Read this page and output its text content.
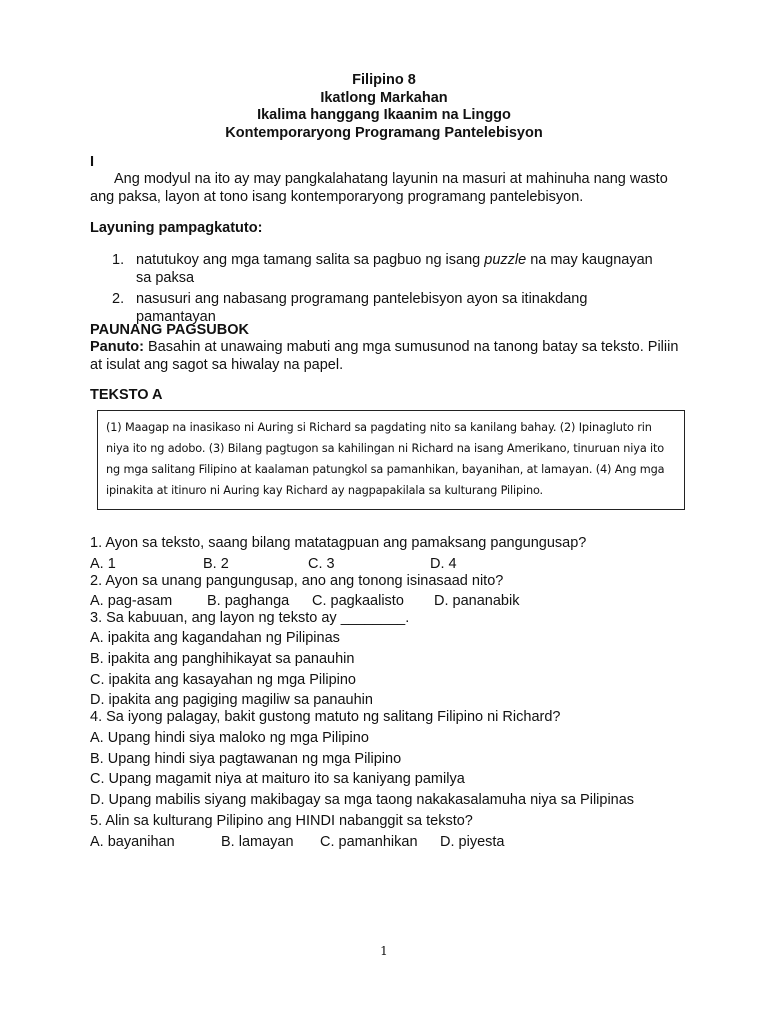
Filipino 8
Ikatlong Markahan
Ikalima hanggang Ikaanim na Linggo
Kontemporaryong Programang Pantelebisyon
I
Ang modyul na ito ay may pangkalahatang layunin na masuri at mahinuha nang wasto ang paksa, layon at tono isang kontemporaryong programang pantelebisyon.
Layuning pampagkatuto:
1. natutukoy ang mga tamang salita sa pagbuo ng isang puzzle na may kaugnayan sa paksa
2. nasusuri ang nabasang programang pantelebisyon ayon sa itinakdang pamantayan
PAUNANG PAGSUBOK
Panuto: Basahin at unawaing mabuti ang mga sumusunod na tanong batay sa teksto. Piliin at isulat ang sagot sa hiwalay na papel.
TEKSTO A
(1) Maagap na inasikaso ni Auring si Richard sa pagdating nito sa kanilang bahay. (2) Ipinagluto rin niya ito ng adobo. (3) Bilang pagtugon sa kahilingan ni Richard na isang Amerikano, tinuruan niya ito ng mga salitang Filipino at kaalaman patungkol sa pamanhikan, bayanihan, at lamayan. (4) Ang mga ipinakita at itinuro ni Auring kay Richard ay nagpapakilala sa kulturang Pilipino.
1. Ayon sa teksto, saang bilang matatagpuan ang pamaksang pangungusap?
A. 1	B. 2	C. 3	D. 4
2. Ayon sa unang pangungusap, ano ang tonong isinasaad nito?
A. pag-asam B. paghanga C. pagkaalisto D. pananabik
3. Sa kabuuan, ang layon ng teksto ay ________.
A. ipakita ang kagandahan ng Pilipinas
B. ipakita ang panghihikayat sa panauhin
C. ipakita ang kasayahan ng mga Pilipino
D. ipakita ang pagiging magiliw sa panauhin
4. Sa iyong palagay, bakit gustong matuto ng salitang Filipino ni Richard?
A. Upang hindi siya maloko ng mga Pilipino
B. Upang hindi siya pagtawanan ng mga Pilipino
C. Upang magamit niya at maituro ito sa kaniyang pamilya
D. Upang mabilis siyang makibagay sa mga taong nakakasalamuha niya sa Pilipinas
5. Alin sa kulturang Pilipino ang HINDI nabanggit sa teksto?
A. bayanihan	B. lamayan C. pamanhikan D. piyesta
1
